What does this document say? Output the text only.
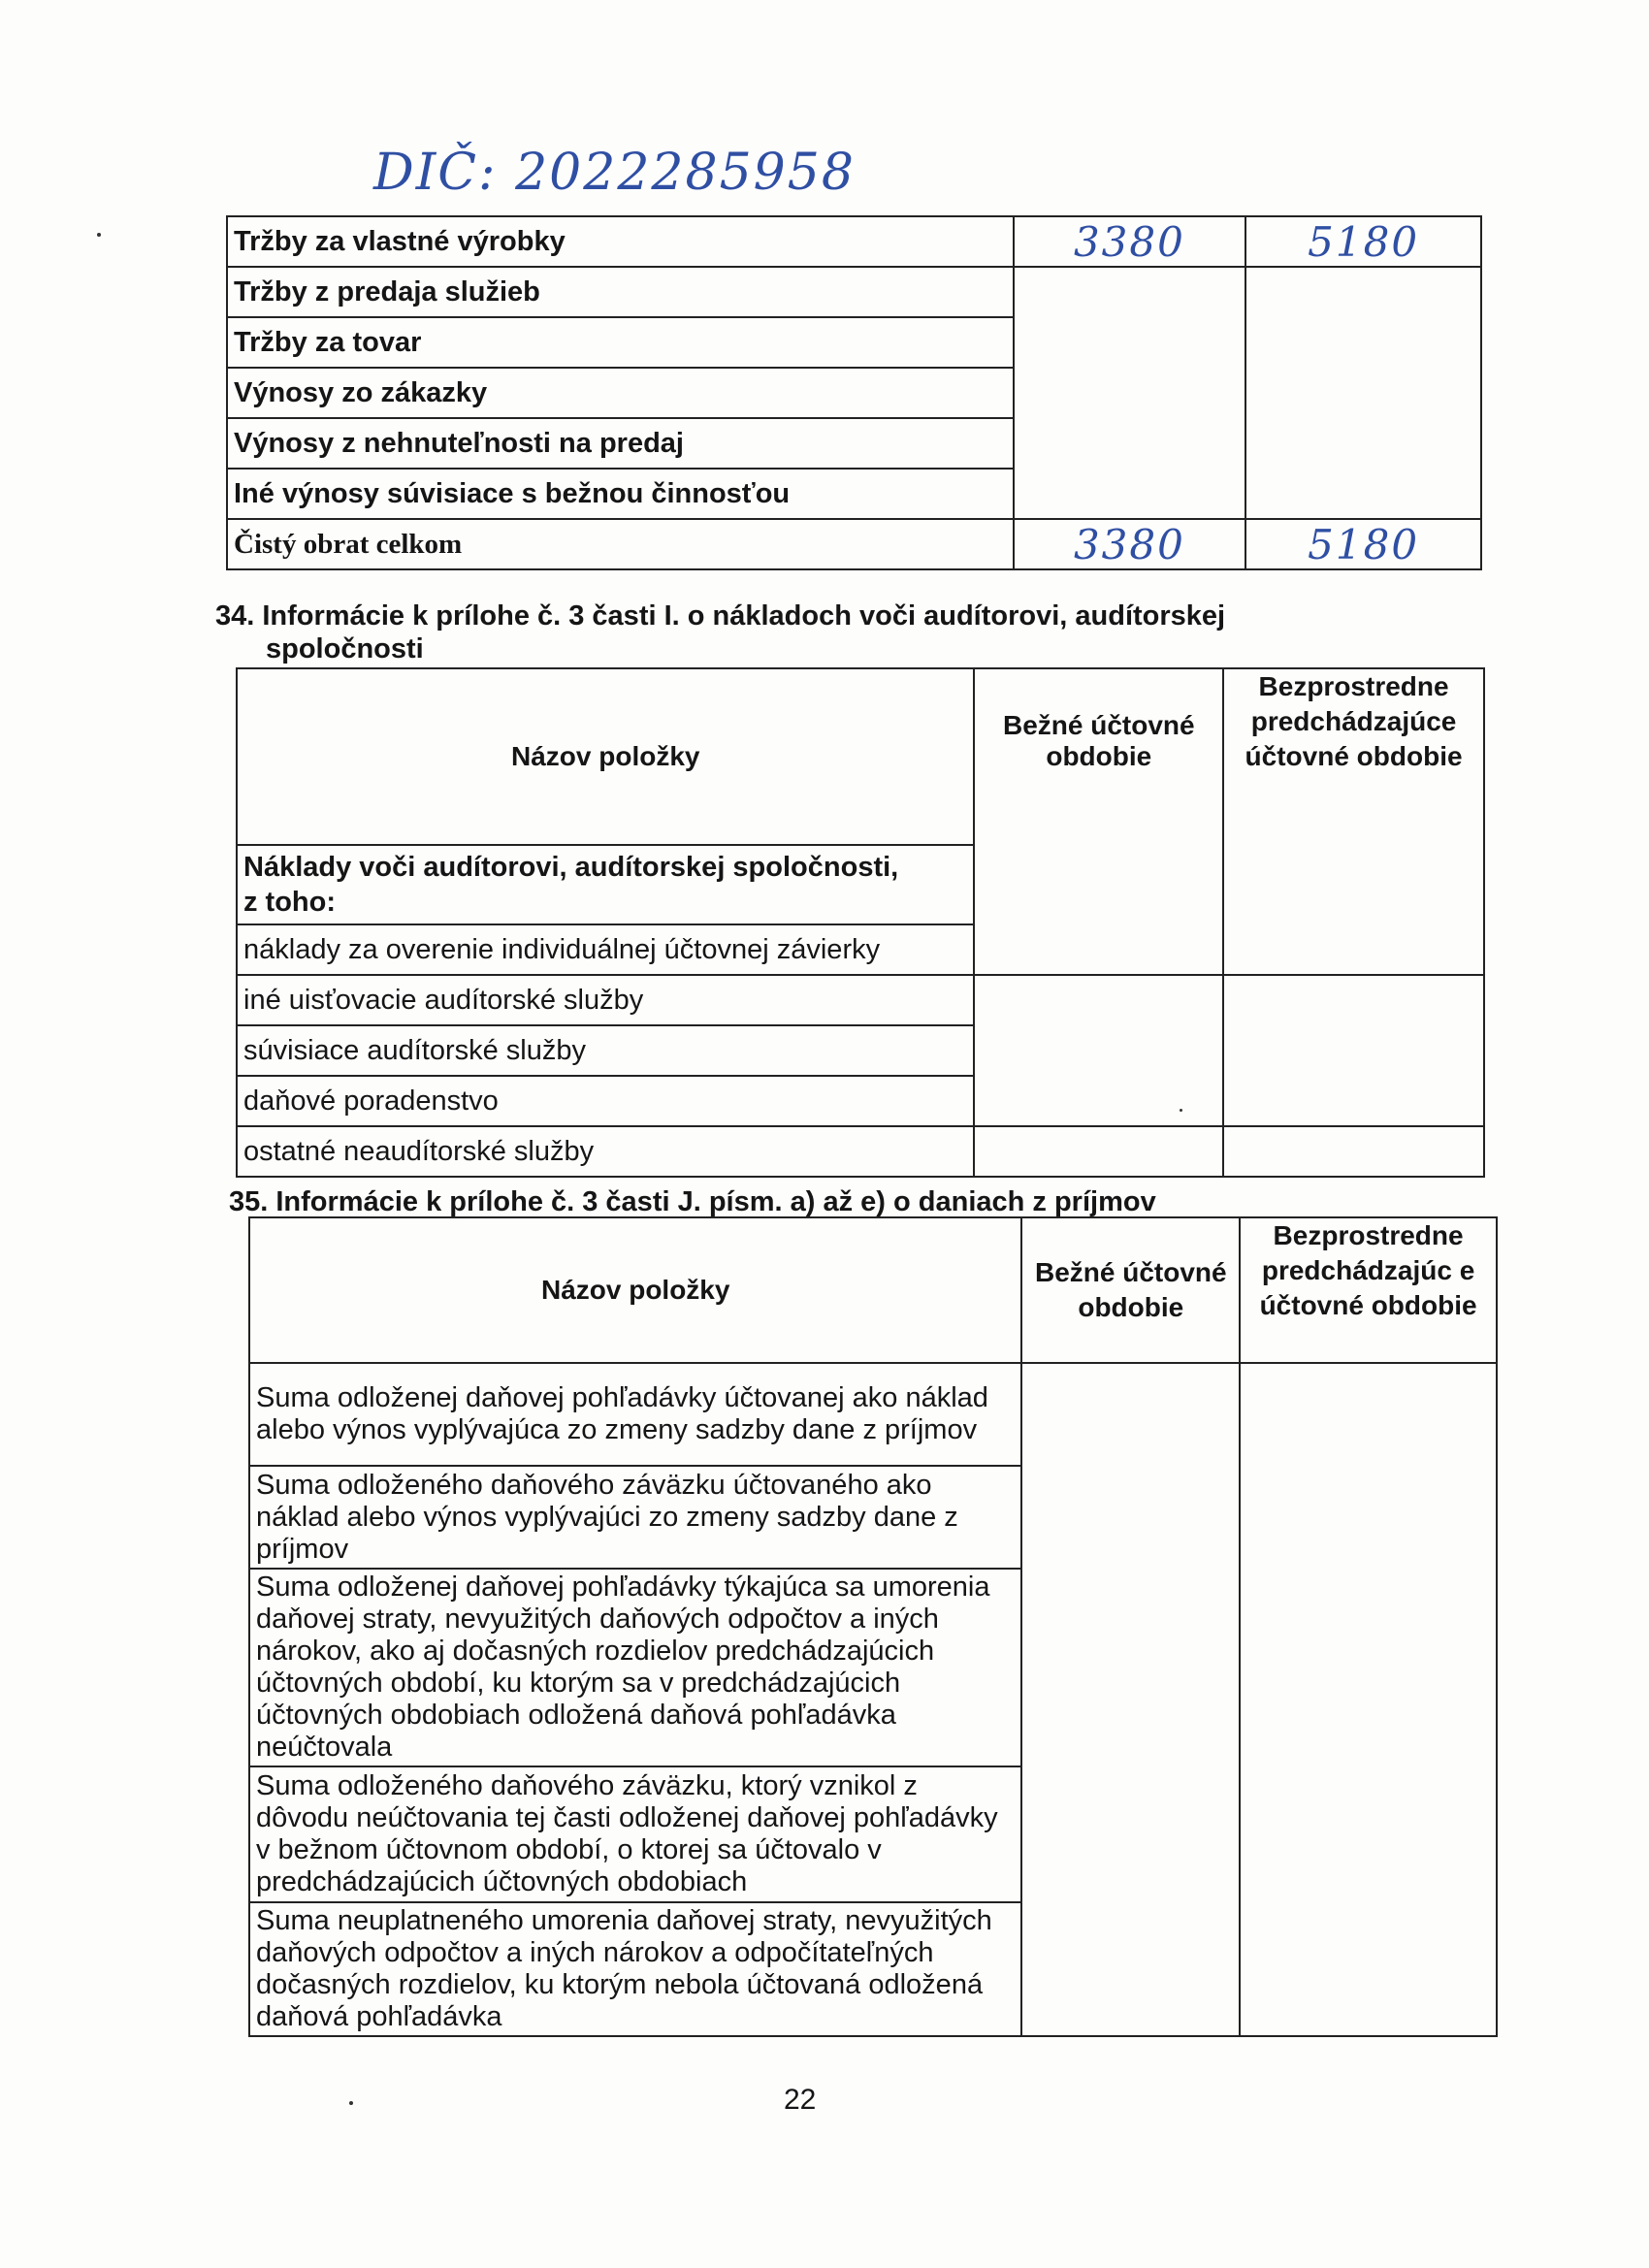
DIČ: 2022285958
Tržby za vlastné výrobky	3380	5180
Tržby z predaja služieb		
Tržby za tovar		
Výnosy zo zákazky		
Výnosy z nehnuteľnosti na predaj		
Iné výnosy súvisiace s bežnou činnosťou		
Čistý obrat celkom	3380	5180
34. Informácie k prílohe č. 3 časti I. o nákladoch voči audítorovi, audítorskej
spoločnosti
Názov položky	Bežné účtovné obdobie	Bezprostredne predchádzajúce účtovné obdobie

Náklady voči audítorovi, audítorskej spoločnosti,
z toho:		

náklady za overenie individuálnej účtovnej závierky		
iné uisťovacie audítorské služby		
súvisiace audítorské služby		
daňové poradenstvo		
ostatné neaudítorské služby		
35. Informácie k prílohe č. 3 časti J. písm. a) až e) o daniach z príjmov
Názov položky	Bežné účtovné obdobie	Bezprostredne predchádzajúc e účtovné obdobie
Suma odloženej daňovej pohľadávky účtovanej ako náklad alebo výnos vyplývajúca zo zmeny sadzby dane z príjmov		
Suma odloženého daňového záväzku účtovaného ako náklad alebo výnos vyplývajúci zo zmeny sadzby dane z príjmov		
Suma odloženej daňovej pohľadávky týkajúca sa umorenia daňovej straty, nevyužitých daňových odpočtov a iných nárokov, ako aj dočasných rozdielov predchádzajúcich účtovných období, ku ktorým sa v predchádzajúcich účtovných obdobiach odložená daňová pohľadávka neúčtovala		
Suma odloženého daňového záväzku, ktorý vznikol z dôvodu neúčtovania tej časti odloženej daňovej pohľadávky v bežnom účtovnom období, o ktorej sa účtovalo v predchádzajúcich účtovných obdobiach		
Suma neuplatneného umorenia daňovej straty, nevyužitých daňových odpočtov a iných nárokov a odpočítateľných dočasných rozdielov, ku ktorým nebola účtovaná odložená daňová pohľadávka		
22
